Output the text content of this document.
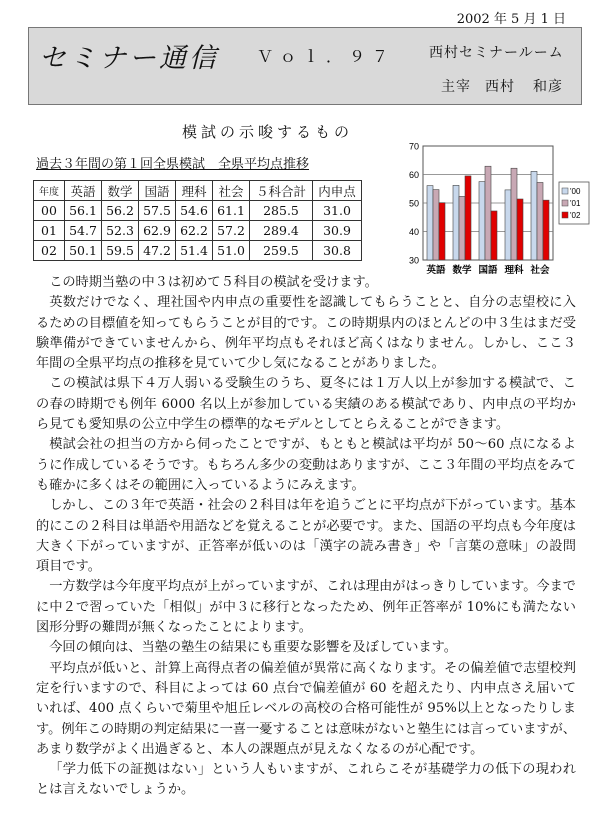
2002 年 5 月 1 日
セミナー通信 Ｖｏｌ．９７ 西村セミナールーム
主宰 西村 和彦
模試の示唆するもの
過去３年間の第１回全県模試　全県平均点推移
年度	英語	数学	国語	理科	社会	５科合計	内申点
00	56.1	56.2	57.5	54.6	61.1	285.5	31.0
01	54.7	52.3	62.9	62.2	57.2	289.4	30.9
02	50.1	59.5	47.2	51.4	51.0	259.5	30.8
30
40
50
60
70
英語 数学 国語 理科 社会
'00
'01
'02

この時期当塾の中３は初めて５科目の模試を受けます。

英数だけでなく、理社国や内申点の重要性を認識してもらうことと、自分の志望校に入るための目標値を知ってもらうことが目的です。この時期県内のほとんどの中３生はまだ受験準備ができていませんから、例年平均点もそれほど高くはなりません。しかし、ここ３年間の全県平均点の推移を見ていて少し気になることがありました。

この模試は県下４万人弱いる受験生のうち、夏冬には１万人以上が参加する模試で、この春の時期でも例年 6000 名以上が参加している実績のある模試であり、内申点の平均から見ても愛知県の公立中学生の標準的なモデルとしてとらえることができます。

模試会社の担当の方から伺ったことですが、もともと模試は平均が 50〜60 点になるように作成しているそうです。もちろん多少の変動はありますが、ここ３年間の平均点をみても確かに多くはその範囲に入っているようにみえます。

しかし、この３年で英語・社会の２科目は年を追うごとに平均点が下がっています。基本的にこの２科目は単語や用語などを覚えることが必要です。また、国語の平均点も今年度は大きく下がっていますが、正答率が低いのは「漢字の読み書き」や「言葉の意味」の設問項目です。

一方数学は今年度平均点が上がっていますが、これは理由がはっきりしています。今までに中２で習っていた「相似」が中３に移行となったため、例年正答率が 10%にも満たない図形分野の難問が無くなったことによります。

今回の傾向は、当塾の塾生の結果にも重要な影響を及ぼしています。

平均点が低いと、計算上高得点者の偏差値が異常に高くなります。その偏差値で志望校判定を行いますので、科目によっては 60 点台で偏差値が 60 を超えたり、内申点さえ届いていれば、400 点くらいで菊里や旭丘レベルの高校の合格可能性が 95%以上となったりします。例年この時期の判定結果に一喜一憂することは意味がないと塾生には言っていますが、あまり数学がよく出過ぎると、本人の課題点が見えなくなるのが心配です。

「学力低下の証拠はない」という人もいますが、これらこそが基礎学力の低下の現われとは言えないでしょうか。
